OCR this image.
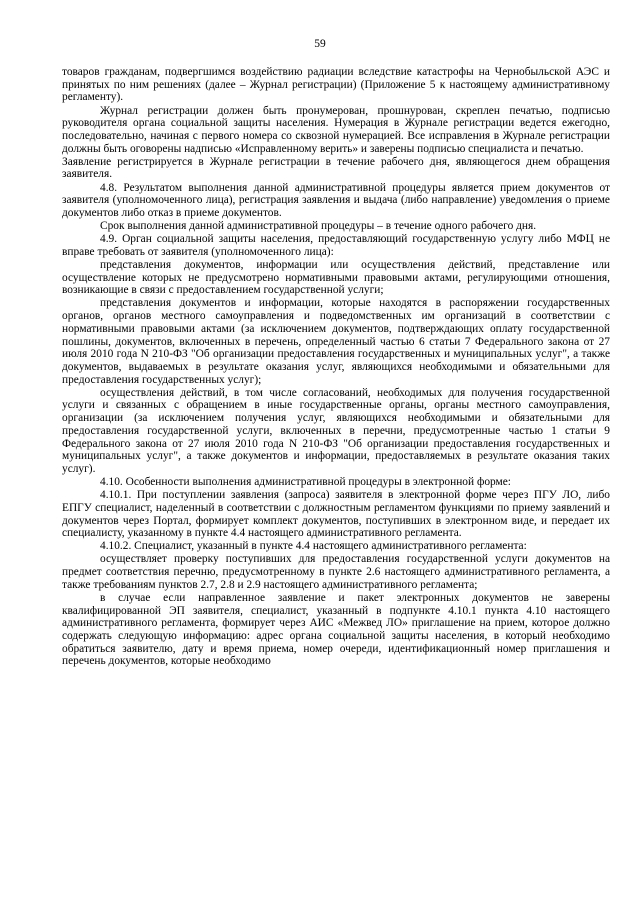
59

товаров гражданам, подвергшимся воздействию радиации вследствие катастрофы на Чернобыльской АЭС и принятых по ним решениях (далее – Журнал регистрации) (Приложение 5 к настоящему административному регламенту).

Журнал регистрации должен быть пронумерован, прошнурован, скреплен печатью, подписью руководителя органа социальной защиты населения. Нумерация в Журнале регистрации ведется ежегодно, последовательно, начиная с первого номера со сквозной нумерацией. Все исправления в Журнале регистрации должны быть оговорены надписью «Исправленному верить» и заверены подписью специалиста и печатью.

Заявление регистрируется в Журнале регистрации в течение рабочего дня, являющегося днем обращения заявителя.

4.8. Результатом выполнения данной административной процедуры является прием документов от заявителя (уполномоченного лица), регистрация заявления и выдача (либо направление) уведомления о приеме документов либо отказ в приеме документов.

Срок выполнения данной административной процедуры – в течение одного рабочего дня.

4.9. Орган социальной защиты населения, предоставляющий государственную услугу либо МФЦ не вправе требовать от заявителя (уполномоченного лица):

представления документов, информации или осуществления действий, представление или осуществление которых не предусмотрено нормативными правовыми актами, регулирующими отношения, возникающие в связи с предоставлением государственной услуги;

представления документов и информации, которые находятся в распоряжении государственных органов, органов местного самоуправления и подведомственных им организаций в соответствии с нормативными правовыми актами (за исключением документов, подтверждающих оплату государственной пошлины, документов, включенных в перечень, определенный частью 6 статьи 7 Федерального закона от 27 июля 2010 года N 210-ФЗ "Об организации предоставления государственных и муниципальных услуг", а также документов, выдаваемых в результате оказания услуг, являющихся необходимыми и обязательными для предоставления государственных услуг);

осуществления действий, в том числе согласований, необходимых для получения государственной услуги и связанных с обращением в иные государственные органы, органы местного самоуправления, организации (за исключением получения услуг, являющихся необходимыми и обязательными для предоставления государственной услуги, включенных в перечни, предусмотренные частью 1 статьи 9 Федерального закона от 27 июля 2010 года N 210-ФЗ "Об организации предоставления государственных и муниципальных услуг", а также документов и информации, предоставляемых в результате оказания таких услуг).

4.10. Особенности выполнения административной процедуры в электронной форме:

4.10.1. При поступлении заявления (запроса) заявителя в электронной форме через ПГУ ЛО, либо ЕПГУ специалист, наделенный в соответствии с должностным регламентом функциями по приему заявлений и документов через Портал, формирует комплект документов, поступивших в электронном виде, и передает их специалисту, указанному в пункте 4.4 настоящего административного регламента.

4.10.2. Специалист, указанный в пункте 4.4 настоящего административного регламента:

осуществляет проверку поступивших для предоставления государственной услуги документов на предмет соответствия перечню, предусмотренному в пункте 2.6 настоящего административного регламента, а также требованиям пунктов 2.7, 2.8 и 2.9 настоящего административного регламента;

в случае если направленное заявление и пакет электронных документов не заверены квалифицированной ЭП заявителя, специалист, указанный в подпункте 4.10.1 пункта 4.10 настоящего административного регламента, формирует через АИС «Межвед ЛО» приглашение на прием, которое должно содержать следующую информацию: адрес органа социальной защиты населения, в который необходимо обратиться заявителю, дату и время приема, номер очереди, идентификационный номер приглашения и перечень документов, которые необходимо
